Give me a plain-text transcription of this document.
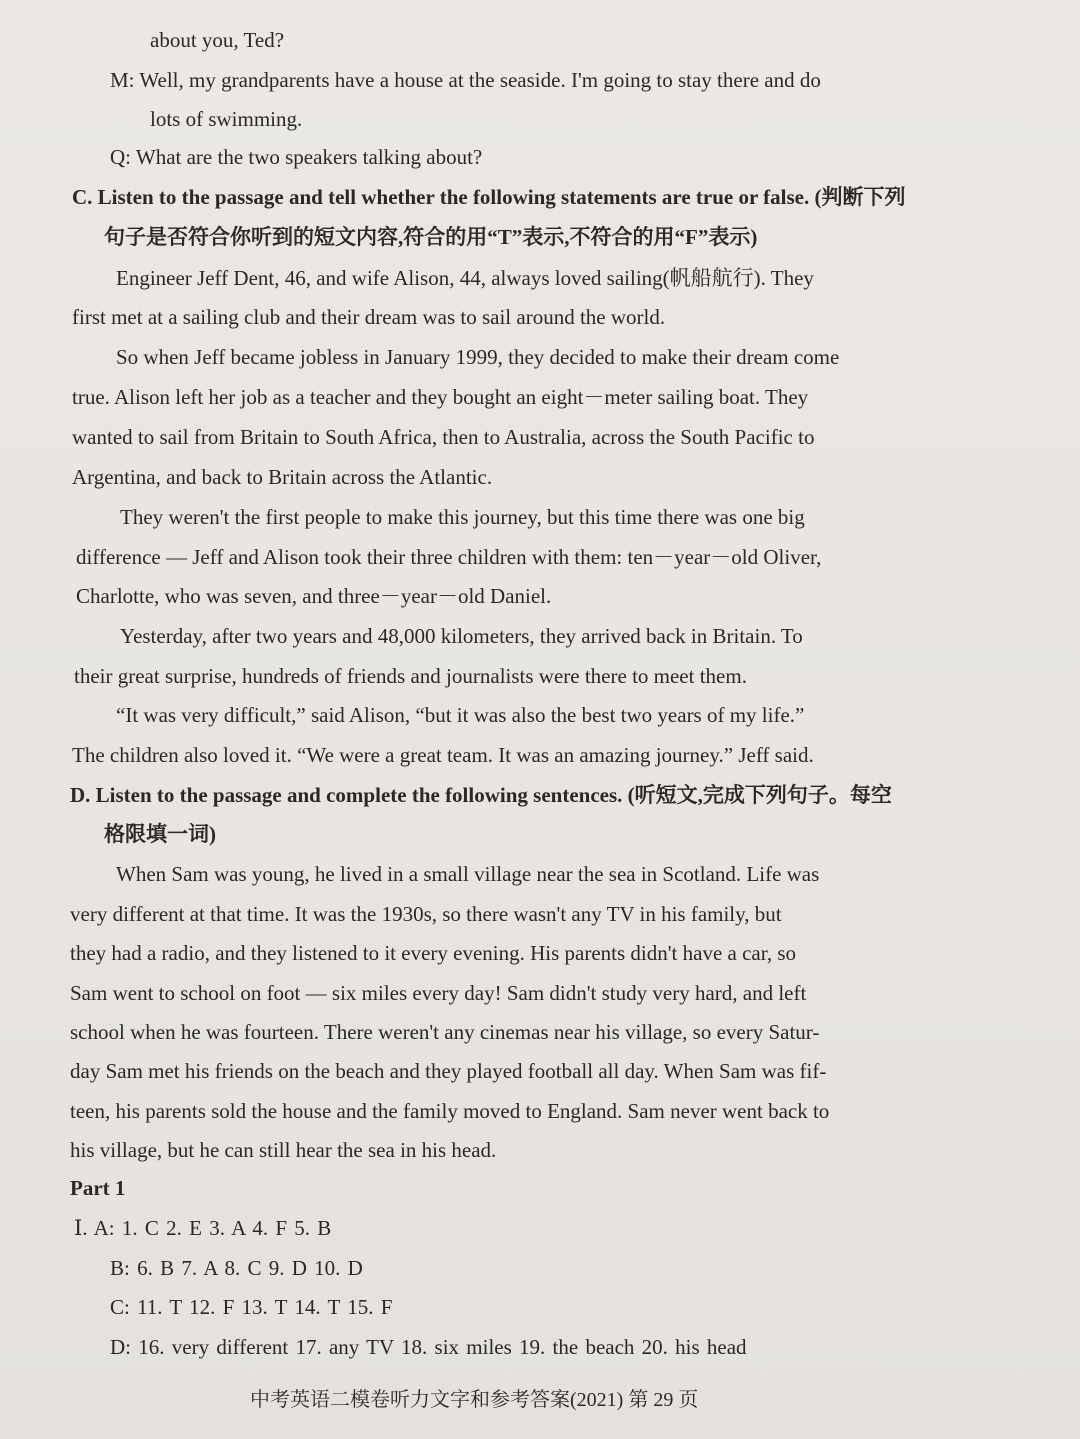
about you, Ted?
M: Well, my grandparents have a house at the seaside. I'm going to stay there and do
lots of swimming.
Q: What are the two speakers talking about?
C. Listen to the passage and tell whether the following statements are true or false. (判断下列
句子是否符合你听到的短文内容,符合的用“T”表示,不符合的用“F”表示)
Engineer Jeff Dent, 46, and wife Alison, 44, always loved sailing(帆船航行). They
first met at a sailing club and their dream was to sail around the world.
So when Jeff became jobless in January 1999, they decided to make their dream come
true. Alison left her job as a teacher and they bought an eight－meter sailing boat. They
wanted to sail from Britain to South Africa, then to Australia, across the South Pacific to
Argentina, and back to Britain across the Atlantic.
They weren't the first people to make this journey, but this time there was one big
difference — Jeff and Alison took their three children with them: ten－year－old Oliver,
Charlotte, who was seven, and three－year－old Daniel.
Yesterday, after two years and 48,000 kilometers, they arrived back in Britain. To
their great surprise, hundreds of friends and journalists were there to meet them.
“It was very difficult,” said Alison, “but it was also the best two years of my life.”
The children also loved it. “We were a great team. It was an amazing journey.” Jeff said.
D. Listen to the passage and complete the following sentences. (听短文,完成下列句子。每空
格限填一词)
When Sam was young, he lived in a small village near the sea in Scotland. Life was
very different at that time. It was the 1930s, so there wasn't any TV in his family, but
they had a radio, and they listened to it every evening. His parents didn't have a car, so
Sam went to school on foot — six miles every day! Sam didn't study very hard, and left
school when he was fourteen. There weren't any cinemas near his village, so every Satur-
day Sam met his friends on the beach and they played football all day. When Sam was fif-
teen, his parents sold the house and the family moved to England. Sam never went back to
his village, but he can still hear the sea in his head.
Part 1
Ⅰ. A: 1. C 2. E 3. A 4. F 5. B
B: 6. B 7. A 8. C 9. D 10. D
C: 11. T 12. F 13. T 14. T 15. F
D: 16. very different 17. any TV 18. six miles 19. the beach 20. his head
中考英语二模卷听力文字和参考答案(2021) 第 29 页
